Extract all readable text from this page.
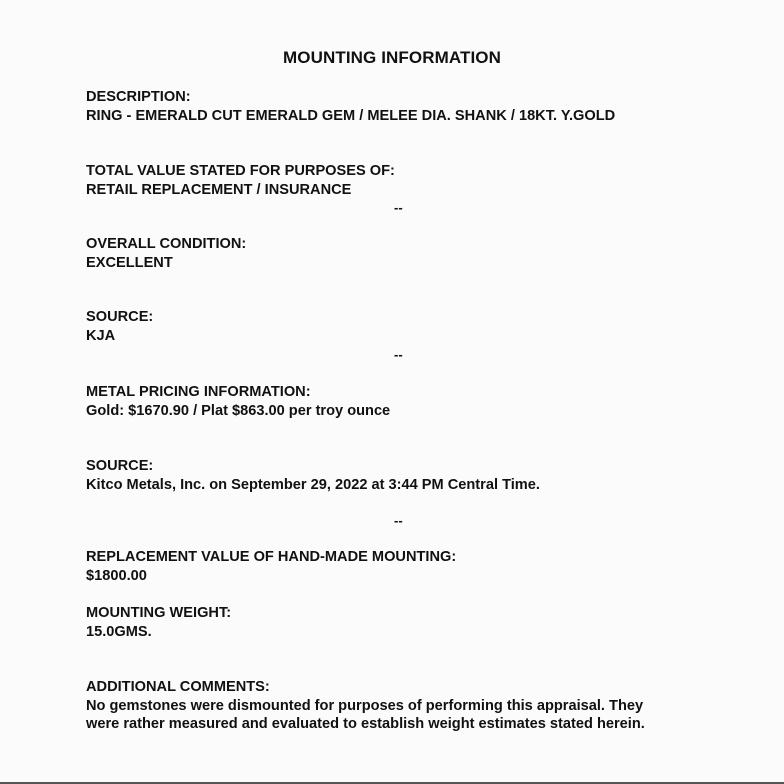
MOUNTING INFORMATION
DESCRIPTION:
RING - EMERALD CUT EMERALD GEM / MELEE DIA. SHANK / 18KT. Y.GOLD
TOTAL VALUE STATED FOR PURPOSES OF:
RETAIL REPLACEMENT / INSURANCE
--
OVERALL CONDITION:
EXCELLENT
SOURCE:
KJA
--
METAL PRICING INFORMATION:
Gold: $1670.90 / Plat $863.00 per troy ounce
SOURCE:
Kitco Metals, Inc. on September 29, 2022 at 3:44 PM Central Time.
--
REPLACEMENT VALUE OF HAND-MADE MOUNTING:
$1800.00
MOUNTING WEIGHT:
15.0GMS.
ADDITIONAL COMMENTS:
No gemstones were dismounted for purposes of performing this appraisal. They
were rather measured and evaluated to establish weight estimates stated herein.
